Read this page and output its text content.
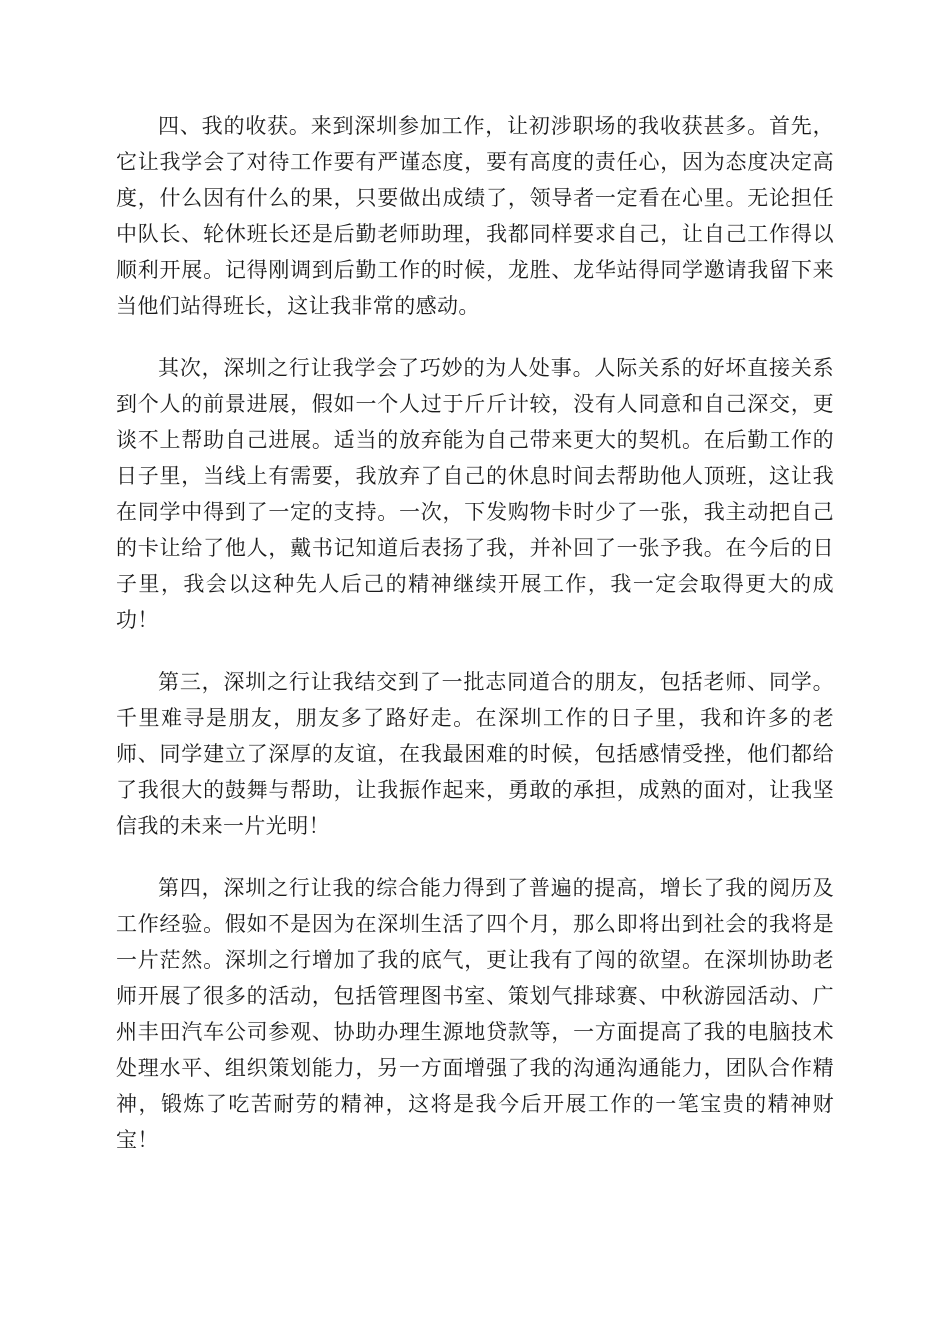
四、我的收获。来到深圳参加工作，让初涉职场的我收获甚多。首先，它让我学会了对待工作要有严谨态度，要有高度的责任心，因为态度决定高度，什么因有什么的果，只要做出成绩了，领导者一定看在心里。无论担任中队长、轮休班长还是后勤老师助理，我都同样要求自己，让自己工作得以顺利开展。记得刚调到后勤工作的时候，龙胜、龙华站得同学邀请我留下来当他们站得班长，这让我非常的感动。

其次，深圳之行让我学会了巧妙的为人处事。人际关系的好坏直接关系到个人的前景进展，假如一个人过于斤斤计较，没有人同意和自己深交，更谈不上帮助自己进展。适当的放弃能为自己带来更大的契机。在后勤工作的日子里，当线上有需要，我放弃了自己的休息时间去帮助他人顶班，这让我在同学中得到了一定的支持。一次，下发购物卡时少了一张，我主动把自己的卡让给了他人，戴书记知道后表扬了我，并补回了一张予我。在今后的日子里，我会以这种先人后己的精神继续开展工作，我一定会取得更大的成功！

第三，深圳之行让我结交到了一批志同道合的朋友，包括老师、同学。千里难寻是朋友，朋友多了路好走。在深圳工作的日子里，我和许多的老师、同学建立了深厚的友谊，在我最困难的时候，包括感情受挫，他们都给了我很大的鼓舞与帮助，让我振作起来，勇敢的承担，成熟的面对，让我坚信我的未来一片光明！

第四，深圳之行让我的综合能力得到了普遍的提高，增长了我的阅历及工作经验。假如不是因为在深圳生活了四个月，那么即将出到社会的我将是一片茫然。深圳之行增加了我的底气，更让我有了闯的欲望。在深圳协助老师开展了很多的活动，包括管理图书室、策划气排球赛、中秋游园活动、广州丰田汽车公司参观、协助办理生源地贷款等，一方面提高了我的电脑技术处理水平、组织策划能力，另一方面增强了我的沟通沟通能力，团队合作精神，锻炼了吃苦耐劳的精神，这将是我今后开展工作的一笔宝贵的精神财宝！
